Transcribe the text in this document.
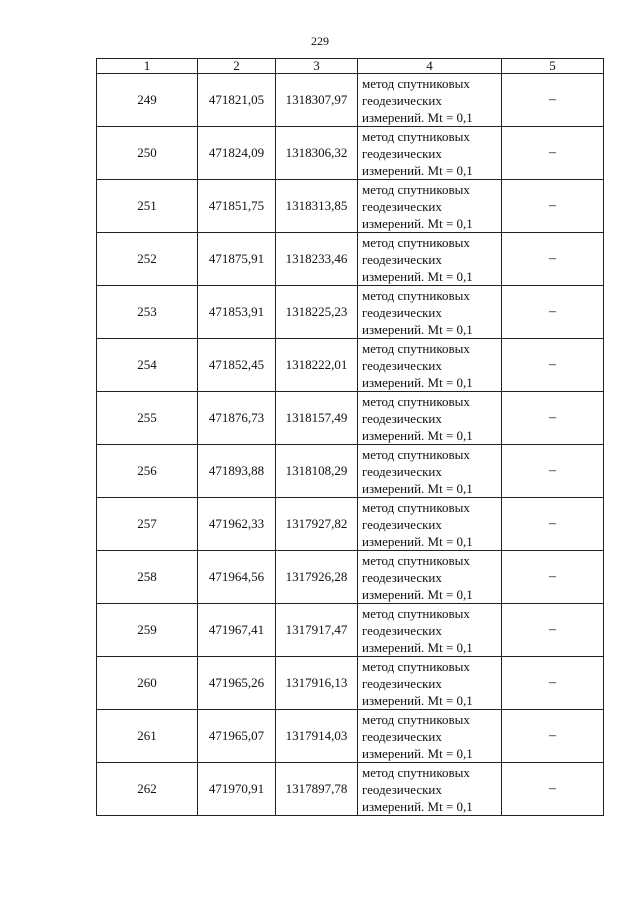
229
1	2	3	4	5
249	471821,05	1318307,97	метод спутниковых
геодезических
измерений. Mt = 0,1	–
250	471824,09	1318306,32	метод спутниковых
геодезических
измерений. Mt = 0,1	–
251	471851,75	1318313,85	метод спутниковых
геодезических
измерений. Mt = 0,1	–
252	471875,91	1318233,46	метод спутниковых
геодезических
измерений. Mt = 0,1	–
253	471853,91	1318225,23	метод спутниковых
геодезических
измерений. Mt = 0,1	–
254	471852,45	1318222,01	метод спутниковых
геодезических
измерений. Mt = 0,1	–
255	471876,73	1318157,49	метод спутниковых
геодезических
измерений. Mt = 0,1	–
256	471893,88	1318108,29	метод спутниковых
геодезических
измерений. Mt = 0,1	–
257	471962,33	1317927,82	метод спутниковых
геодезических
измерений. Mt = 0,1	–
258	471964,56	1317926,28	метод спутниковых
геодезических
измерений. Mt = 0,1	–
259	471967,41	1317917,47	метод спутниковых
геодезических
измерений. Mt = 0,1	–
260	471965,26	1317916,13	метод спутниковых
геодезических
измерений. Mt = 0,1	–
261	471965,07	1317914,03	метод спутниковых
геодезических
измерений. Mt = 0,1	–
262	471970,91	1317897,78	метод спутниковых
геодезических
измерений. Mt = 0,1	–
